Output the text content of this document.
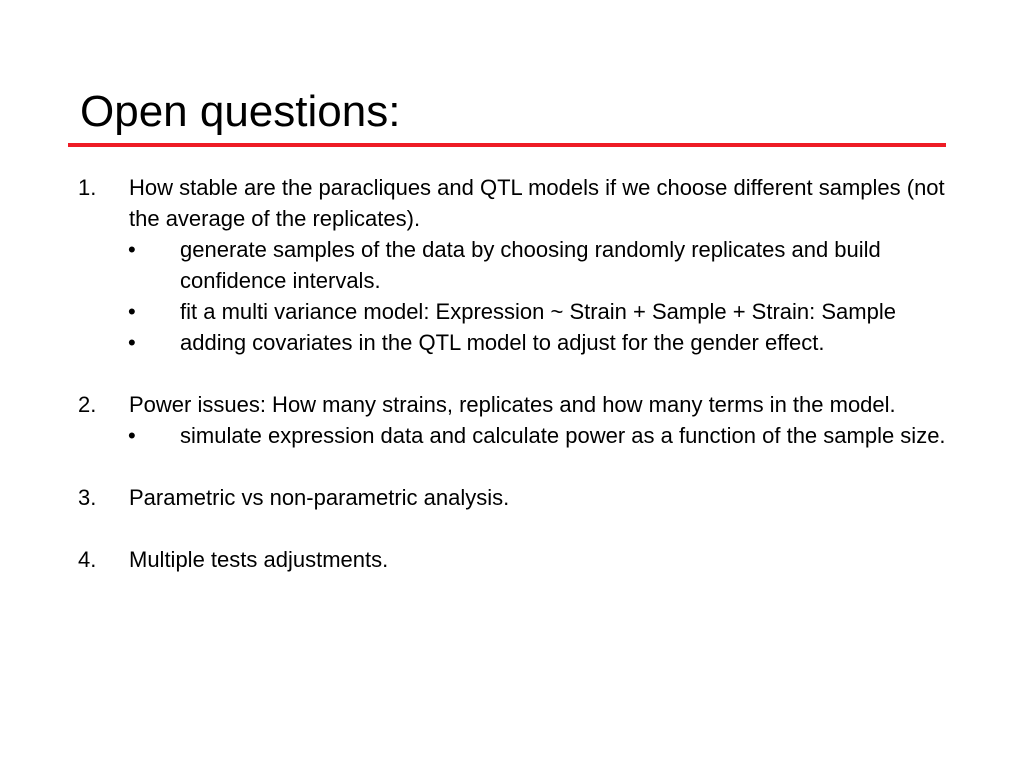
Open questions:
1. How stable are the paracliques and QTL models if we choose different samples (not the average of the replicates).
• generate samples of the data by choosing randomly replicates and build confidence intervals.
• fit a multi variance model: Expression ~ Strain + Sample + Strain: Sample
• adding covariates in the QTL model to adjust for the gender effect.
2. Power issues: How many strains, replicates and how many terms in the model.
• simulate expression data and calculate power as a function of the sample size.
3. Parametric vs non-parametric analysis.
4. Multiple tests adjustments.
